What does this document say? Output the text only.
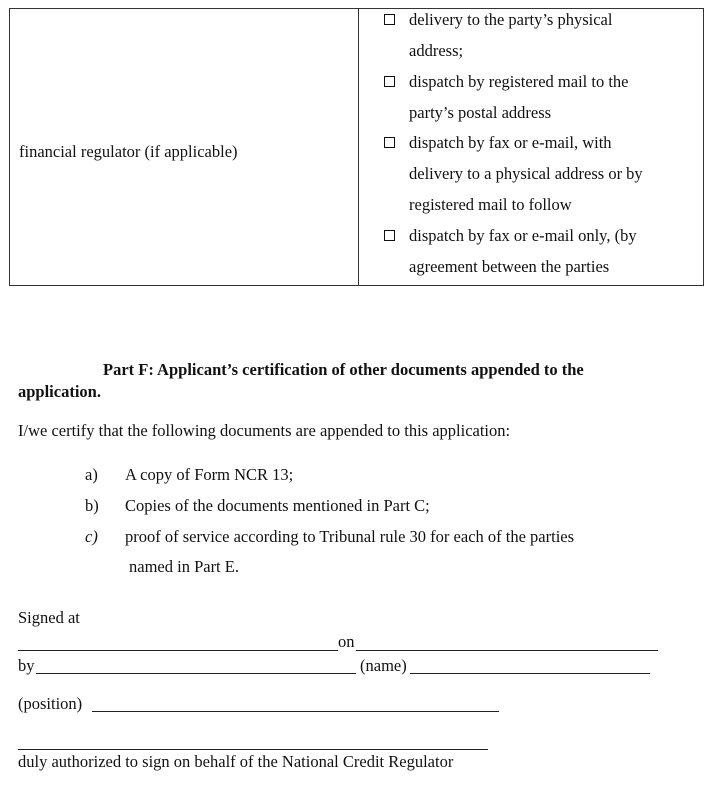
financial regulator (if applicable)
delivery to the party’s physical
address;
dispatch by registered mail to the
party’s postal address
dispatch by fax or e-mail, with
delivery to a physical address or by
registered mail to follow
dispatch by fax or e-mail only, (by
agreement between the parties
Part F: Applicant’s certification of other documents appended to the
application.
I/we certify that the following documents are appended to this application:
a) A copy of Form NCR 13;
b) Copies of the documents mentioned in Part C;
c) proof of service according to Tribunal rule 30 for each of the parties
named in Part E.
Signed at
on
by	(name)
(position)
duly authorized to sign on behalf of the National Credit Regulator
